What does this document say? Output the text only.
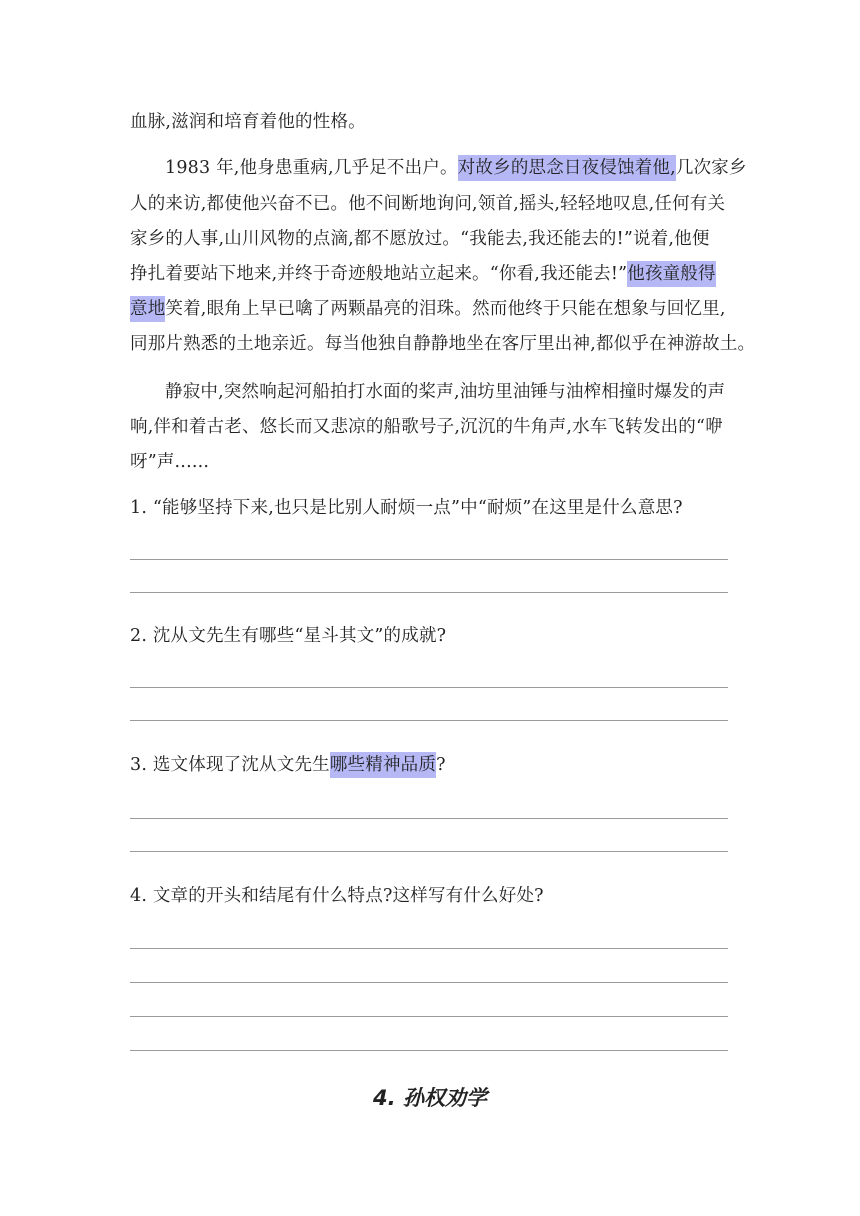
血脉,滋润和培育着他的性格。
1983 年,他身患重病,几乎足不出户。对故乡的思念日夜侵蚀着他,几次家乡
人的来访,都使他兴奋不已。他不间断地询问,领首,摇头,轻轻地叹息,任何有关
家乡的人事,山川风物的点滴,都不愿放过。“我能去,我还能去的!”说着,他便
挣扎着要站下地来,并终于奇迹般地站立起来。“你看,我还能去!”他孩童般得
意地笑着,眼角上早已噙了两颗晶亮的泪珠。然而他终于只能在想象与回忆里,
同那片熟悉的土地亲近。每当他独自静静地坐在客厅里出神,都似乎在神游故土。
静寂中,突然响起河船拍打水面的桨声,油坊里油锤与油榨相撞时爆发的声
响,伴和着古老、悠长而又悲凉的船歌号子,沉沉的牛角声,水车飞转发出的“咿
呀”声......
1. “能够坚持下来,也只是比别人耐烦一点”中“耐烦”在这里是什么意思?
2. 沈从文先生有哪些“星斗其文”的成就?
3. 选文体现了沈从文先生哪些精神品质?
4. 文章的开头和结尾有什么特点?这样写有什么好处?
4. 孙权劝学
